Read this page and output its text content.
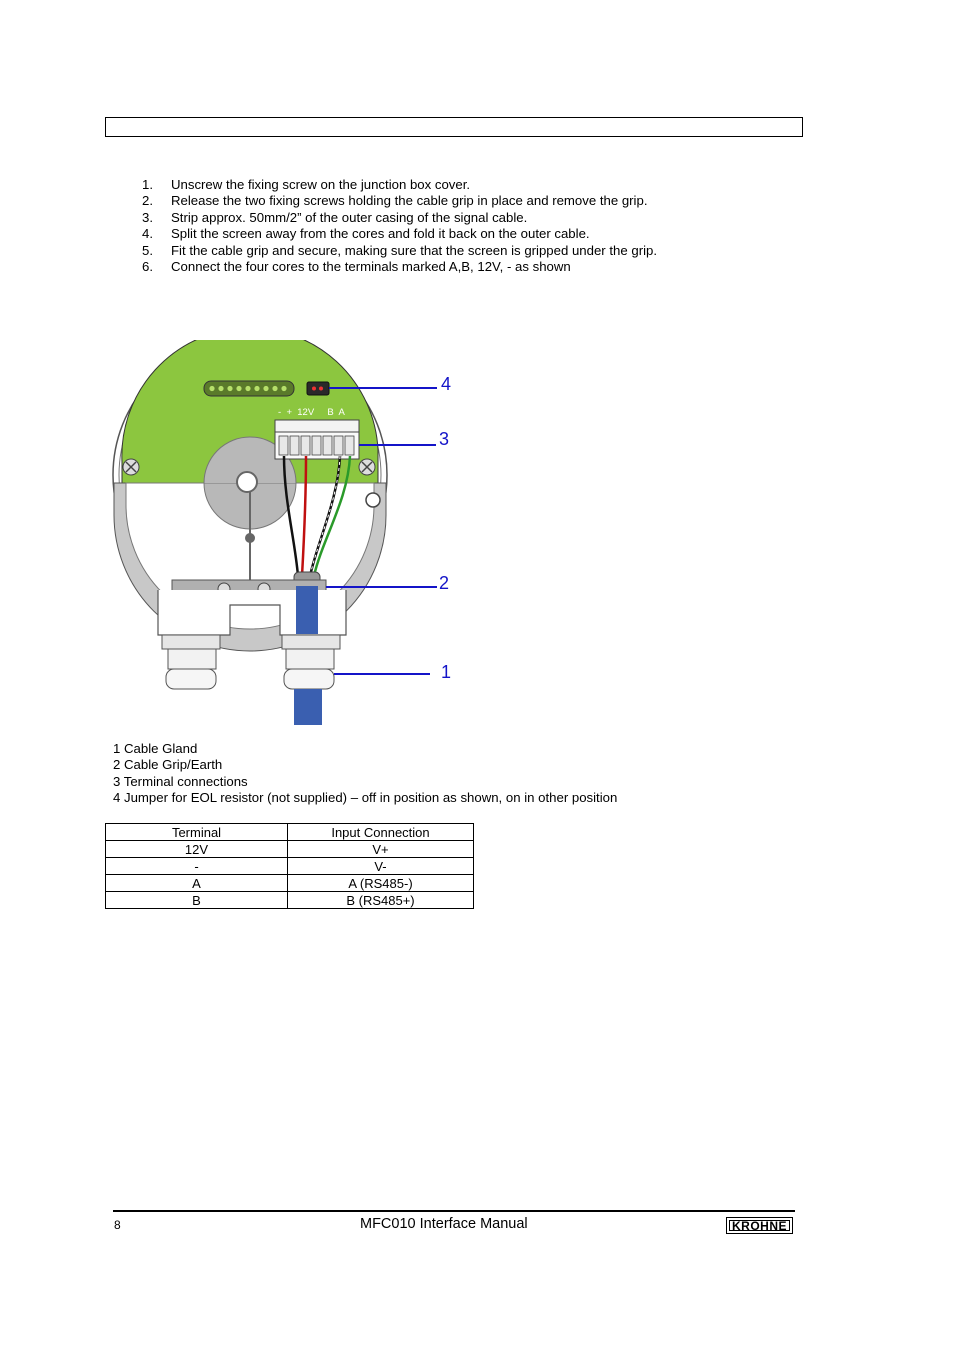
1. Unscrew the fixing screw on the junction box cover.
2. Release the two fixing screws holding the cable grip in place and remove the grip.
3. Strip approx. 50mm/2” of the outer casing of the signal cable.
4. Split the screen away from the cores and fold it back on the outer cable.
5. Fit the cable grip and secure, making sure that the screen is gripped under the grip.
6. Connect the four cores to the terminals marked A,B, 12V, - as shown
-  +  12V     B  A
4
3
2
1
1 Cable Gland
2 Cable Grip/Earth
3 Terminal connections
4 Jumper for EOL resistor (not supplied) – off in position as shown, on in other position
Terminal	Input Connection
12V	V+
-	V-
A	A (RS485-)
B	B (RS485+)
8	MFC010 Interface Manual	KROHNE
